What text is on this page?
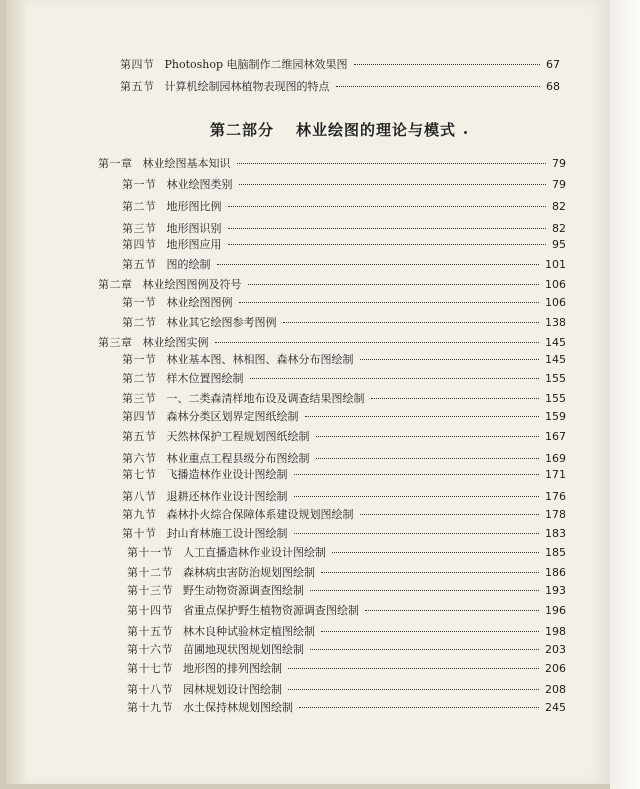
第四节 Photoshop 电脑制作二维园林效果图	67
第五节 计算机绘制园林植物表现图的特点	68
第二部分 林业绘图的理论与模式
第一章 林业绘图基本知识	79
第一节 林业绘图类别	79
第二节 地形图比例	82
第三节 地形图识别	82
第四节 地形图应用	95
第五节 图的绘制	101
第二章 林业绘图图例及符号	106
第一节 林业绘图图例	106
第二节 林业其它绘图参考图例	138
第三章 林业绘图实例	145
第一节 林业基本图、林相图、森林分布图绘制	145
第二节 样木位置图绘制	155
第三节 一、二类森清样地布设及调查结果图绘制	155
第四节 森林分类区划界定图纸绘制	159
第五节 天然林保护工程规划图纸绘制	167
第六节 林业重点工程县级分布图绘制	169
第七节 飞播造林作业设计图绘制	171
第八节 退耕还林作业设计图绘制	176
第九节 森林扑火综合保障体系建设规划图绘制	178
第十节 封山育林施工设计图绘制	183
第十一节 人工直播造林作业设计图绘制	185
第十二节 森林病虫害防治规划图绘制	186
第十三节 野生动物资源调查图绘制	193
第十四节 省重点保护野生植物资源调查图绘制	196
第十五节 林木良种试验林定植图绘制	198
第十六节 苗圃地现状图规划图绘制	203
第十七节 地形图的排列图绘制	206
第十八节 园林规划设计图绘制	208
第十九节 水土保持林规划图绘制	245
